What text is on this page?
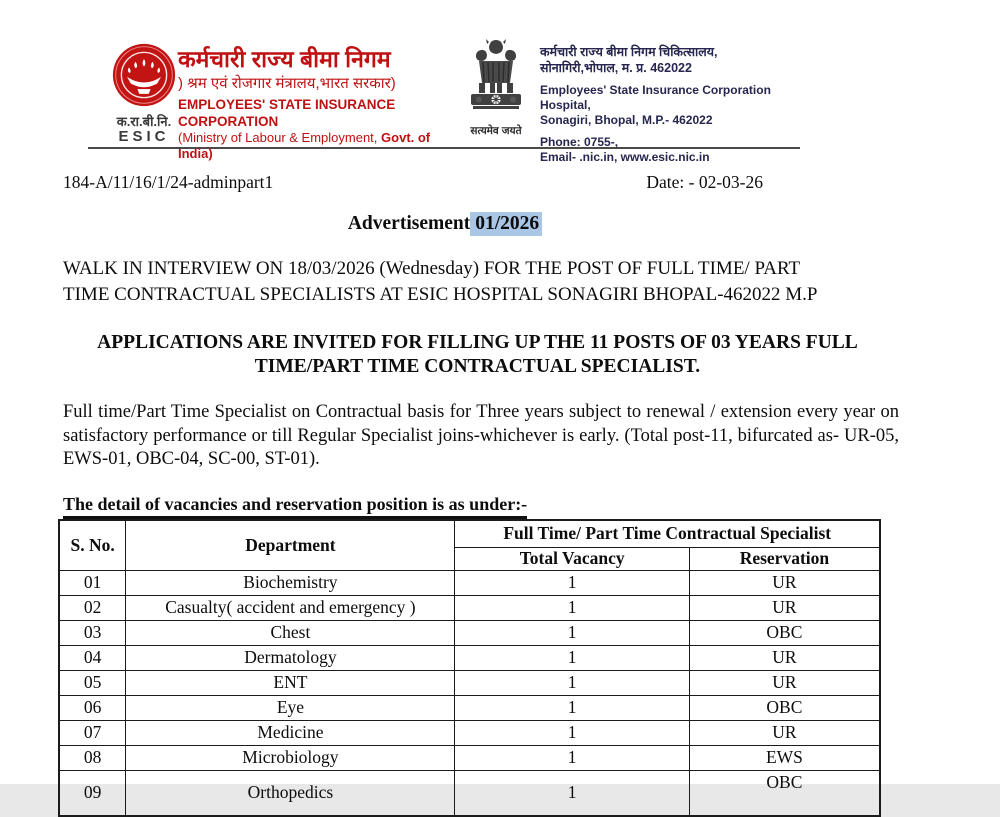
क.रा.बी.नि.
ESIC
कर्मचारी राज्य बीमा निगम
) श्रम एवं रोजगार मंत्रालय,भारत सरकार)
EMPLOYEES' STATE INSURANCE CORPORATION
(Ministry of Labour & Employment, Govt. of India)
सत्यमेव जयते
कर्मचारी राज्य बीमा निगम चिकित्सालय,
सोनागिरी,भोपाल, म. प्र. 462022
Employees' State Insurance Corporation Hospital,
Sonagiri, Bhopal, M.P.- 462022
Phone: 0755-,
Email- .nic.in, www.esic.nic.in
184-A/11/16/1/24-adminpart1	Date: - 02-03-26
Advertisement 01/2026
WALK IN INTERVIEW ON 18/03/2026 (Wednesday) FOR THE POST OF FULL TIME/ PART
TIME CONTRACTUAL SPECIALISTS AT ESIC HOSPITAL SONAGIRI BHOPAL-462022 M.P
APPLICATIONS ARE INVITED FOR FILLING UP THE 11 POSTS OF 03 YEARS FULL
TIME/PART TIME CONTRACTUAL SPECIALIST.
Full time/Part Time Specialist on Contractual basis for Three years subject to renewal / extension every year on satisfactory performance or till Regular Specialist joins-whichever is early. (Total post-11, bifurcated as- UR-05, EWS-01, OBC-04, SC-00, ST-01).
The detail of vacancies and reservation position is as under:-
S. No.	Department	Full Time/ Part Time Contractual Specialist	
		Total Vacancy	Reservation
01	Biochemistry	1	UR
02	Casualty( accident and emergency )	1	UR
03	Chest	1	OBC
04	Dermatology	1	UR
05	ENT	1	UR
06	Eye	1	OBC
07	Medicine	1	UR
08	Microbiology	1	EWS
09	Orthopedics	1	OBC
